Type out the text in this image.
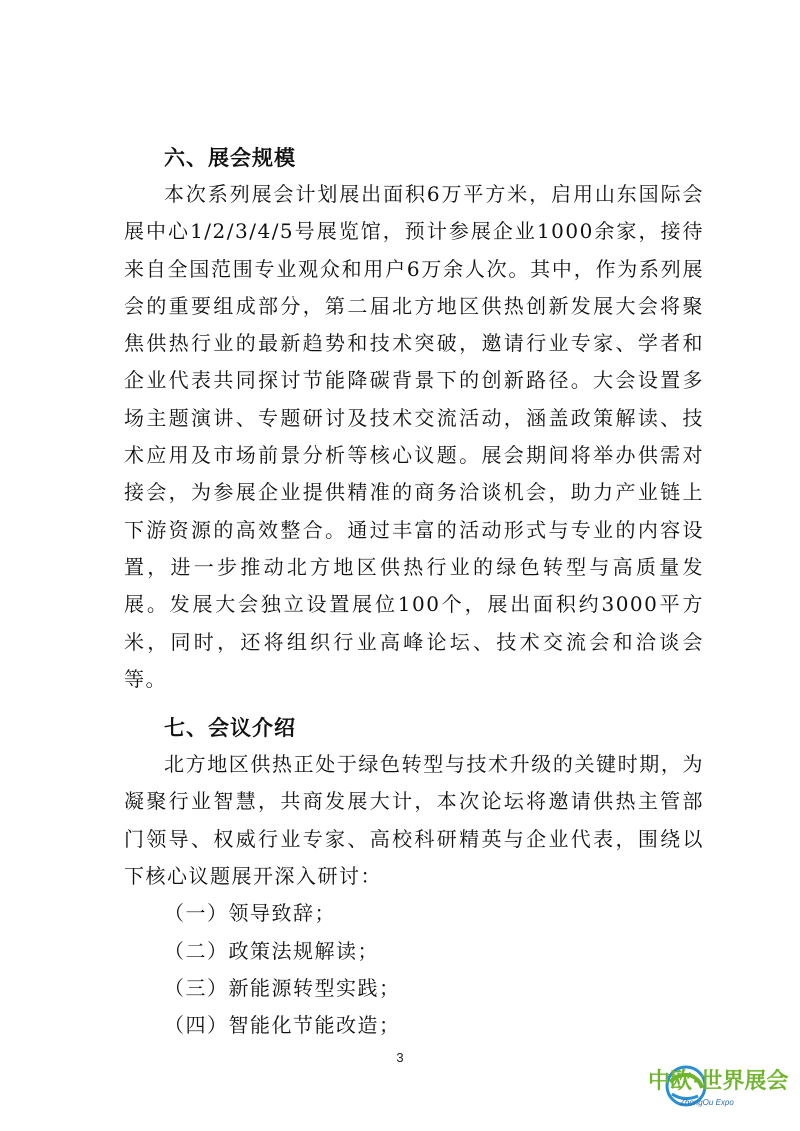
六、展会规模

本次系列展会计划展出面积6万平方米，启用山东国际会展中心1/2/3/4/5号展览馆，预计参展企业1000余家，接待来自全国范围专业观众和用户6万余人次。其中，作为系列展会的重要组成部分，第二届北方地区供热创新发展大会将聚焦供热行业的最新趋势和技术突破，邀请行业专家、学者和企业代表共同探讨节能降碳背景下的创新路径。大会设置多场主题演讲、专题研讨及技术交流活动，涵盖政策解读、技术应用及市场前景分析等核心议题。展会期间将举办供需对接会，为参展企业提供精准的商务洽谈机会，助力产业链上下游资源的高效整合。通过丰富的活动形式与专业的内容设置，进一步推动北方地区供热行业的绿色转型与高质量发展。发展大会独立设置展位100个，展出面积约3000平方米，同时，还将组织行业高峰论坛、技术交流会和洽谈会等。

七、会议介绍

北方地区供热正处于绿色转型与技术升级的关键时期，为凝聚行业智慧，共商发展大计，本次论坛将邀请供热主管部门领导、权威行业专家、高校科研精英与企业代表，围绕以下核心议题展开深入研讨：

（一）领导致辞；

（二）政策法规解读；

（三）新能源转型实践；

（四）智能化节能改造；

3
中欧·世界展会
ZhongOu Expo
